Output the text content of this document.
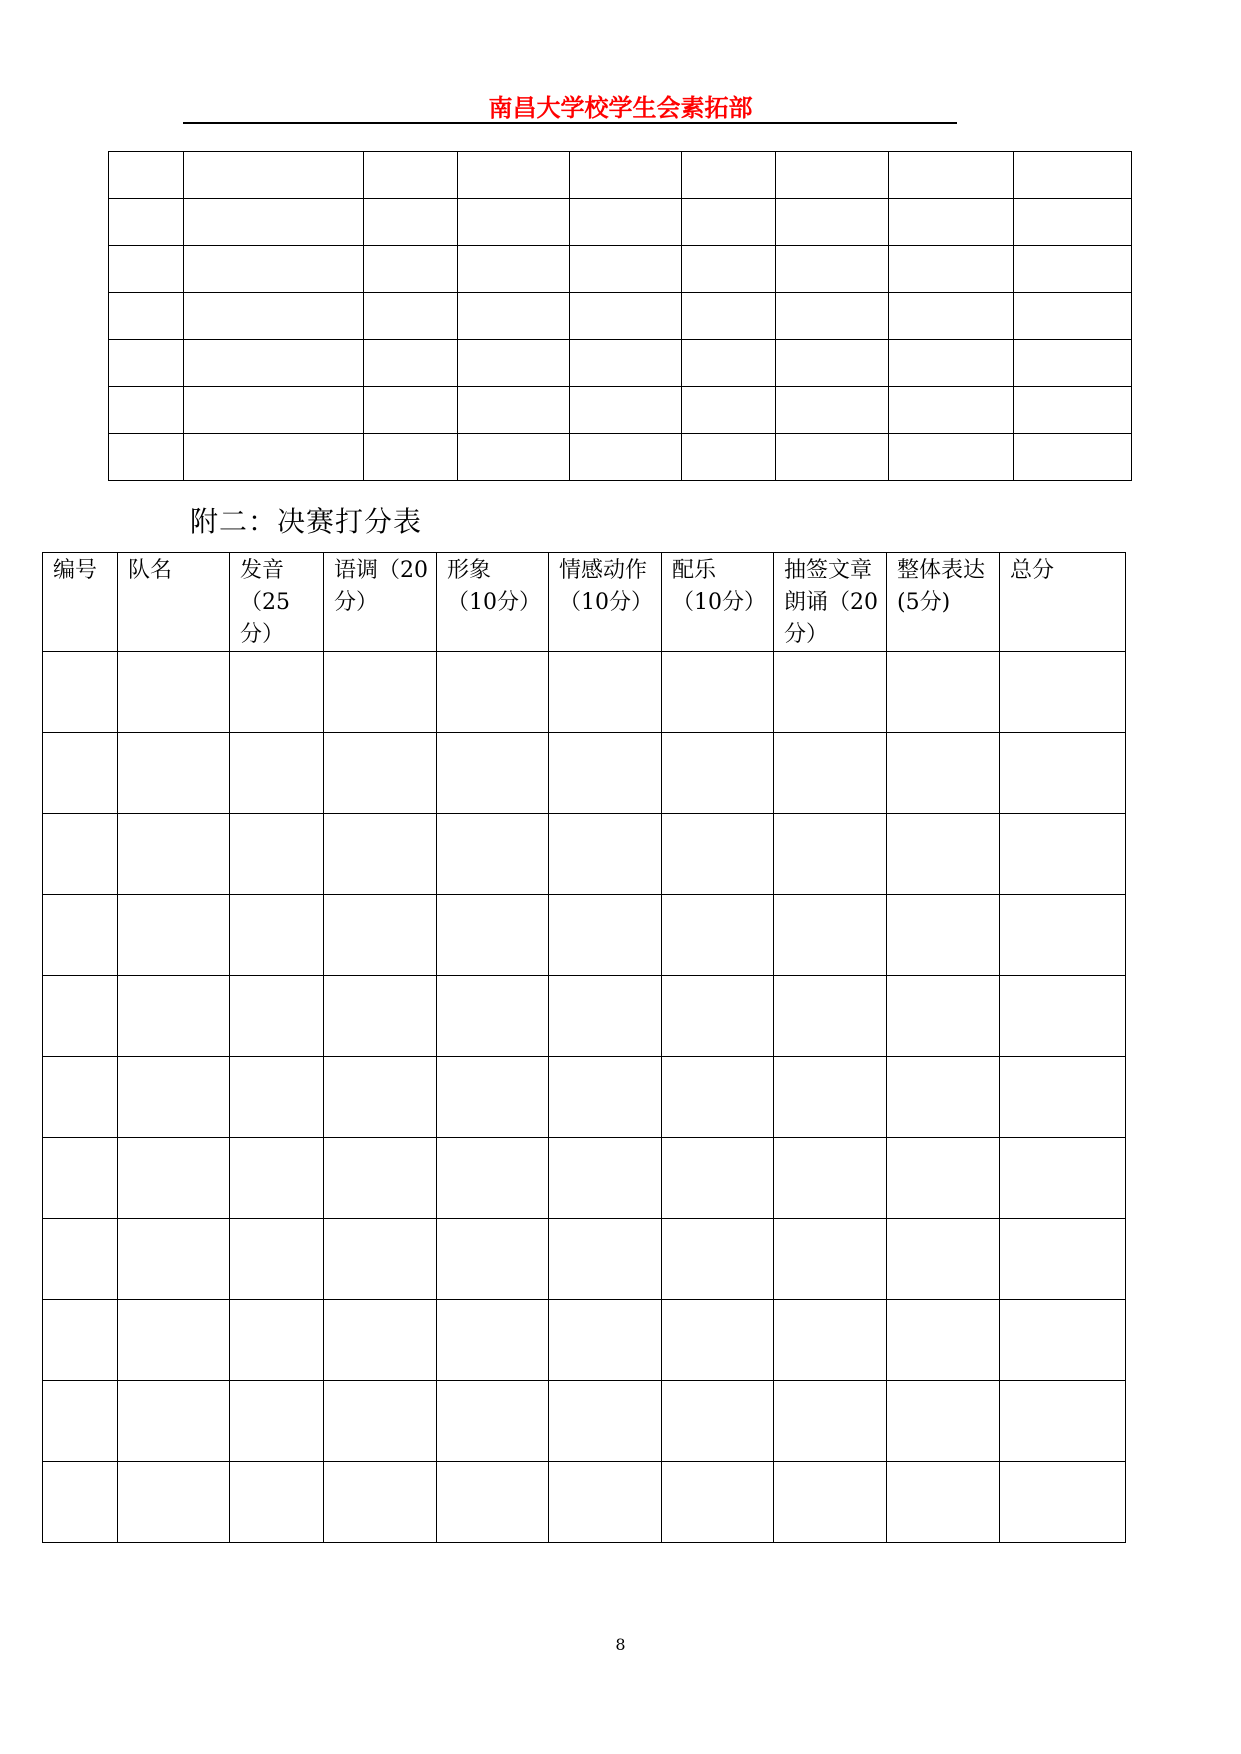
南昌大学校学生会素拓部

附二：决赛打分表
编号	队名	发音（25分）	语调（20分）	形象（10分）	情感动作（10分）	配乐（10分）	抽签文章朗诵（20分）	整体表达(5分)	总分

8
